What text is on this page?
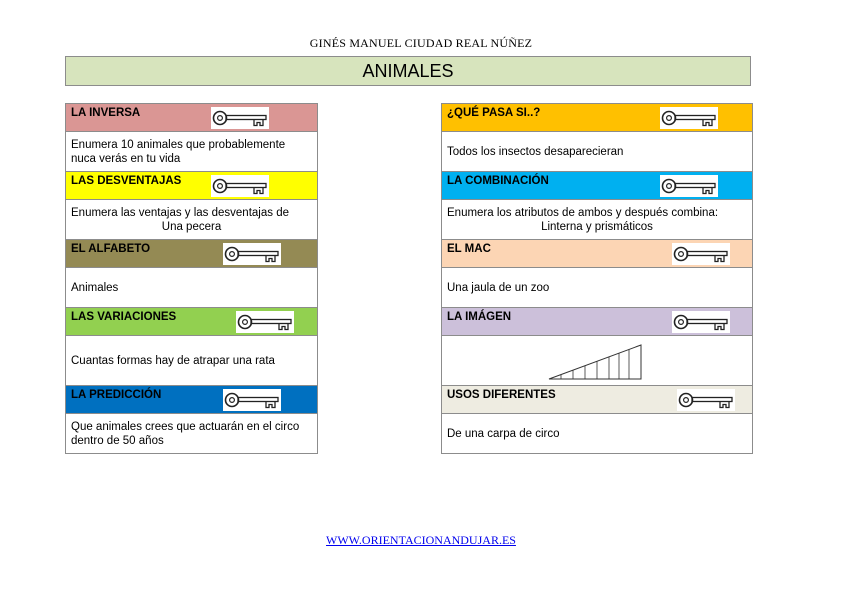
GINÉS MANUEL CIUDAD REAL NÚÑEZ
ANIMALES
LA INVERSA
Enumera 10 animales que probablemente
nuca verás en tu vida
LAS DESVENTAJAS
Enumera las ventajas y las desventajas de
Una pecera
EL ALFABETO
Animales
LAS VARIACIONES
Cuantas formas hay de atrapar una rata
LA PREDICCIÓN
Que animales crees que actuarán en el circo
dentro de 50 años
¿QUÉ PASA SI..?
Todos los insectos desaparecieran
LA COMBINACIÓN
Enumera los atributos de ambos y después combina:
Linterna y prismáticos
EL MAC
Una jaula de un zoo
LA IMÁGEN
USOS DIFERENTES
De una carpa de circo
WWW.ORIENTACIONANDUJAR.ES
